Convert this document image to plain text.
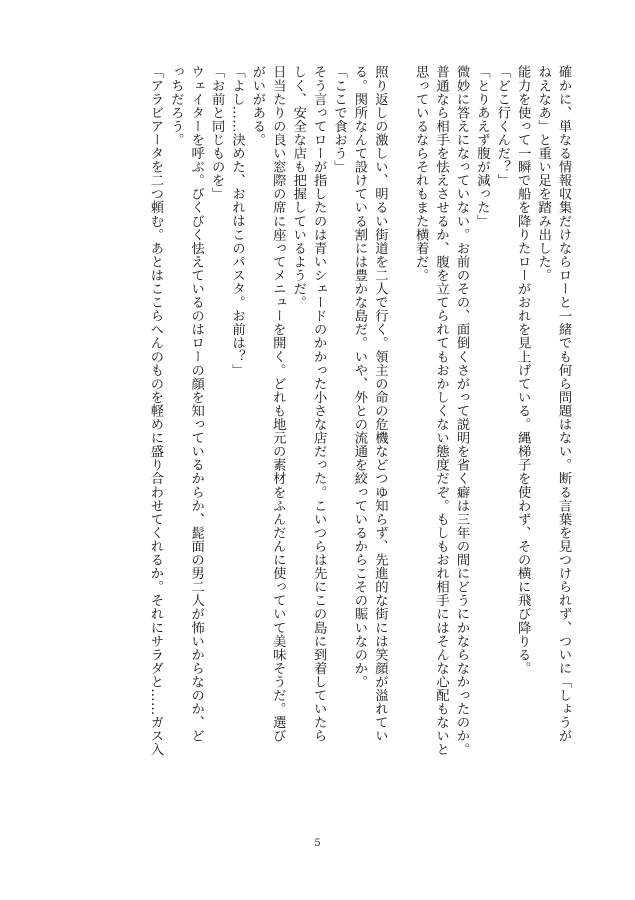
確かに、単なる情報収集だけならローと一緒でも何ら問題はない。断る言葉を見つけられず、ついに「しょうが
ねえなあ」と重い足を踏み出した。
能力を使って一瞬で船を降りたローがおれを見上げている。縄梯子を使わず、その横に飛び降りる。
「どこ行くんだ？」
「とりあえず腹が減った」
微妙に答えになっていない。お前のその、面倒くさがって説明を省く癖は三年の間にどうにかならなかったのか。
普通なら相手を怯えさせるか、腹を立てられてもおかしくない態度だぞ。もしもおれ相手にはそんな心配もないと
思っているならそれもまた横着だ。
照り返しの激しい、明るい街道を二人で行く。領主の命の危機などつゆ知らず、先進的な街には笑顔が溢れてい
る。関所なんて設けている割には豊かな島だ。いや、外との流通を絞っているからこその賑いなのか。
「ここで食おう」
そう言ってローが指したのは青いシェードのかかった小さな店だった。こいつらは先にこの島に到着していたら
しく、安全な店も把握しているようだ。
日当たりの良い窓際の席に座ってメニューを開く。どれも地元の素材をふんだんに使っていて美味そうだ。選び
がいがある。
「よし……決めた、おれはこのパスタ。お前は？」
「お前と同じものを」
ウェイターを呼ぶ。びくびく怯えているのはローの顔を知っているからか、髭面の男二人が怖いからなのか、ど
っちだろう。
「アラビアータを二つ頼む。あとはここらへんのものを軽めに盛り合わせてくれるか。それにサラダと……ガス入
5
